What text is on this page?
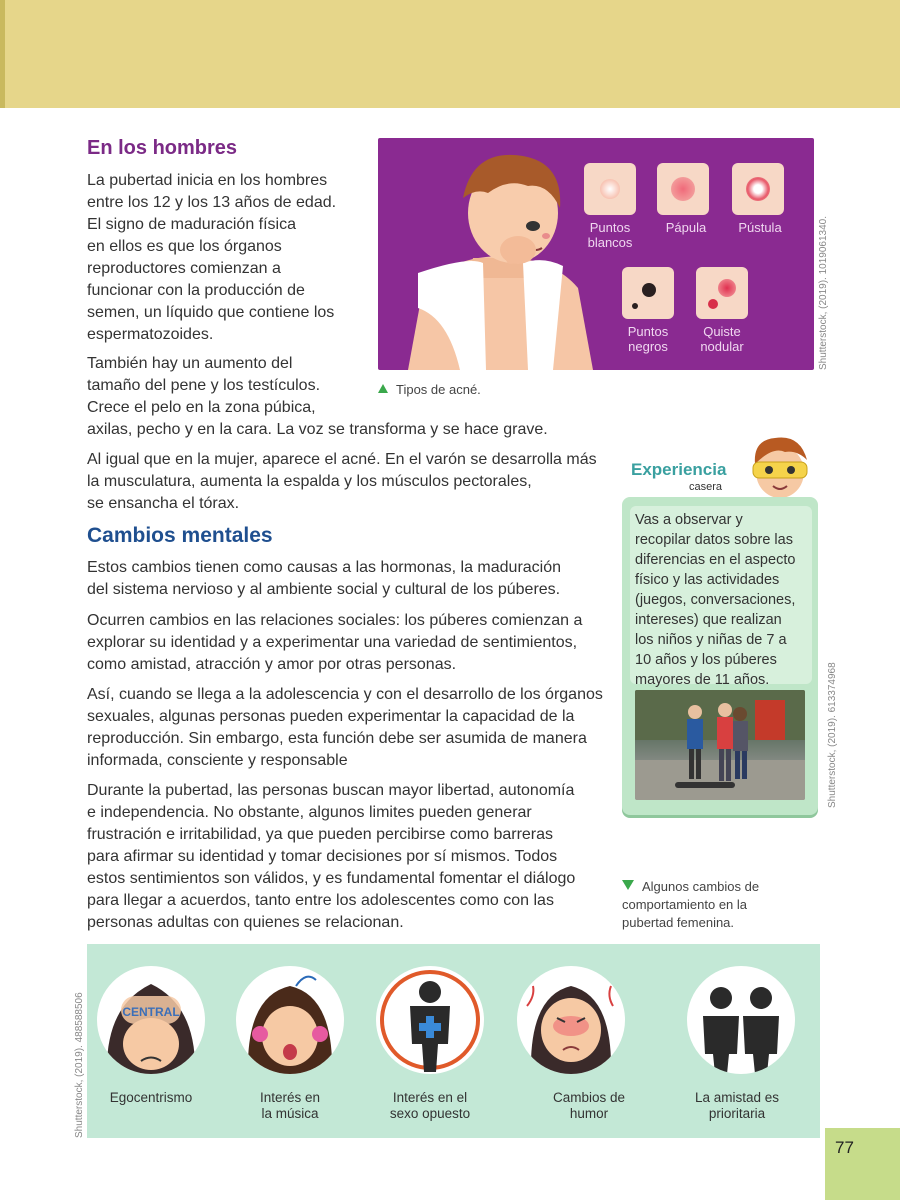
En los hombres

La pubertad inicia en los hombres

entre los 12 y los 13 años de edad.

El signo de maduración física

en ellos es que los órganos

reproductores comienzan a

funcionar con la producción de

semen, un líquido que contiene los

espermatozoides.

También hay un aumento del

tamaño del pene y los testículos.

Crece el pelo en la zona púbica,

axilas, pecho y en la cara. La voz se transforma y se hace grave.

Al igual que en la mujer, aparece el acné. En el varón se desarrolla más

la musculatura, aumenta la espalda y los músculos pectorales,

se ensancha el tórax.

Puntos
blancos
Pápula	Pústula
Puntos
negros
Quiste
nodular	Shutterstock, (2019). 1019061340.
Tipos de acné.
Cambios mentales

Estos cambios tienen como causas a las hormonas, la maduración

del sistema nervioso y al ambiente social y cultural de los púberes.

Ocurren cambios en las relaciones sociales: los púberes comienzan a

explorar su identidad y a experimentar una variedad de sentimientos,

como amistad, atracción y amor por otras personas.

Así, cuando se llega a la adolescencia y con el desarrollo de los órganos

sexuales, algunas personas pueden experimentar la capacidad de la

reproducción. Sin embargo, esta función debe ser asumida de manera

informada, consciente y responsable

Durante la pubertad, las personas buscan mayor libertad, autonomía

e independencia. No obstante, algunos limites pueden generar

frustración e irritabilidad, ya que pueden percibirse como barreras

para afirmar su identidad y tomar decisiones por sí mismos. Todos

estos sentimientos son válidos, y es fundamental fomentar el diálogo

para llegar a acuerdos, tanto entre los adolescentes como con las

personas adultas con quienes se relacionan.

Experiencia
casera
Vas a observar y
recopilar datos sobre las
diferencias en el aspecto
físico y las actividades
(juegos, conversaciones,
intereses) que realizan
los niños y niñas de 7 a
10 años y los púberes
mayores de 11 años.	Shutterstock, (2019). 613374968
Algunos cambios de
comportamiento en la
pubertad femenina.
CENTRAL
Egocentrismo	Interés en
la música
Interés en el
sexo opuesto
Cambios de
humor
La amistad es
prioritaria
Shutterstock, (2019). 488588506
77
